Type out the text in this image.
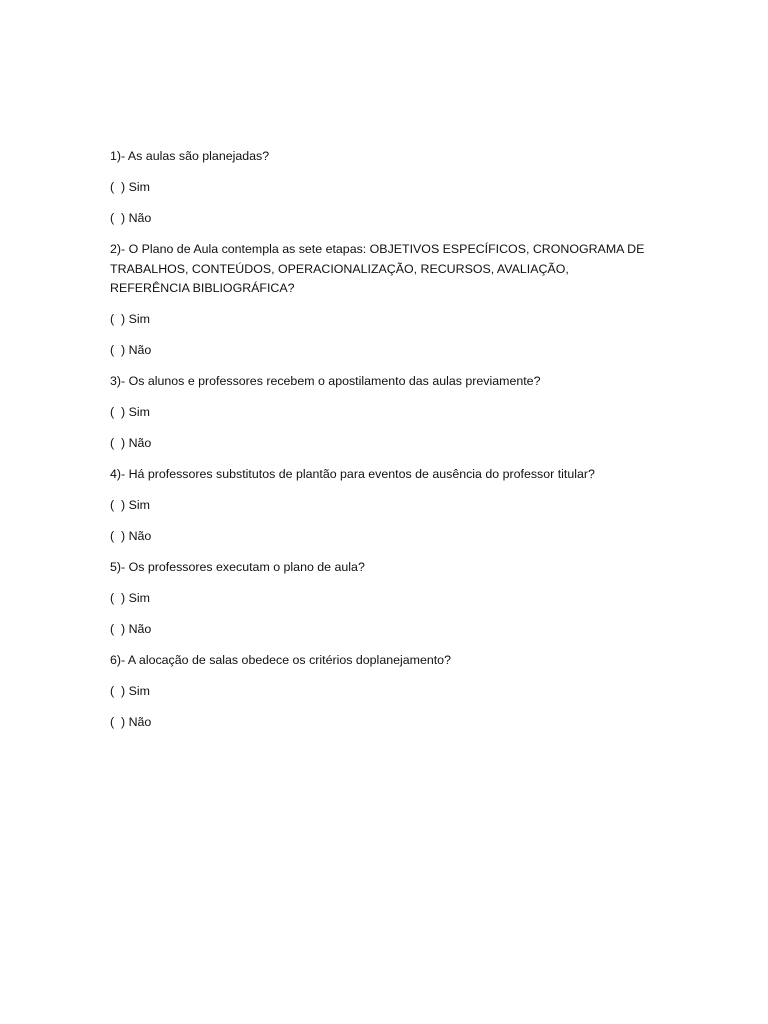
1)- As aulas são planejadas?
(  ) Sim
(  ) Não
2)- O Plano de Aula contempla as sete etapas: OBJETIVOS ESPECÍFICOS, CRONOGRAMA DE TRABALHOS, CONTEÚDOS, OPERACIONALIZAÇÃO, RECURSOS, AVALIAÇÃO, REFERÊNCIA BIBLIOGRÁFICA?
(  ) Sim
(  ) Não
3)- Os alunos e professores recebem o apostilamento das aulas previamente?
(  ) Sim
(  ) Não
4)- Há professores substitutos de plantão para eventos de ausência do professor titular?
(  ) Sim
(  ) Não
5)- Os professores executam o plano de aula?
(  ) Sim
(  ) Não
6)- A alocação de salas obedece os critérios doplanejamento?
(  ) Sim
(  ) Não
